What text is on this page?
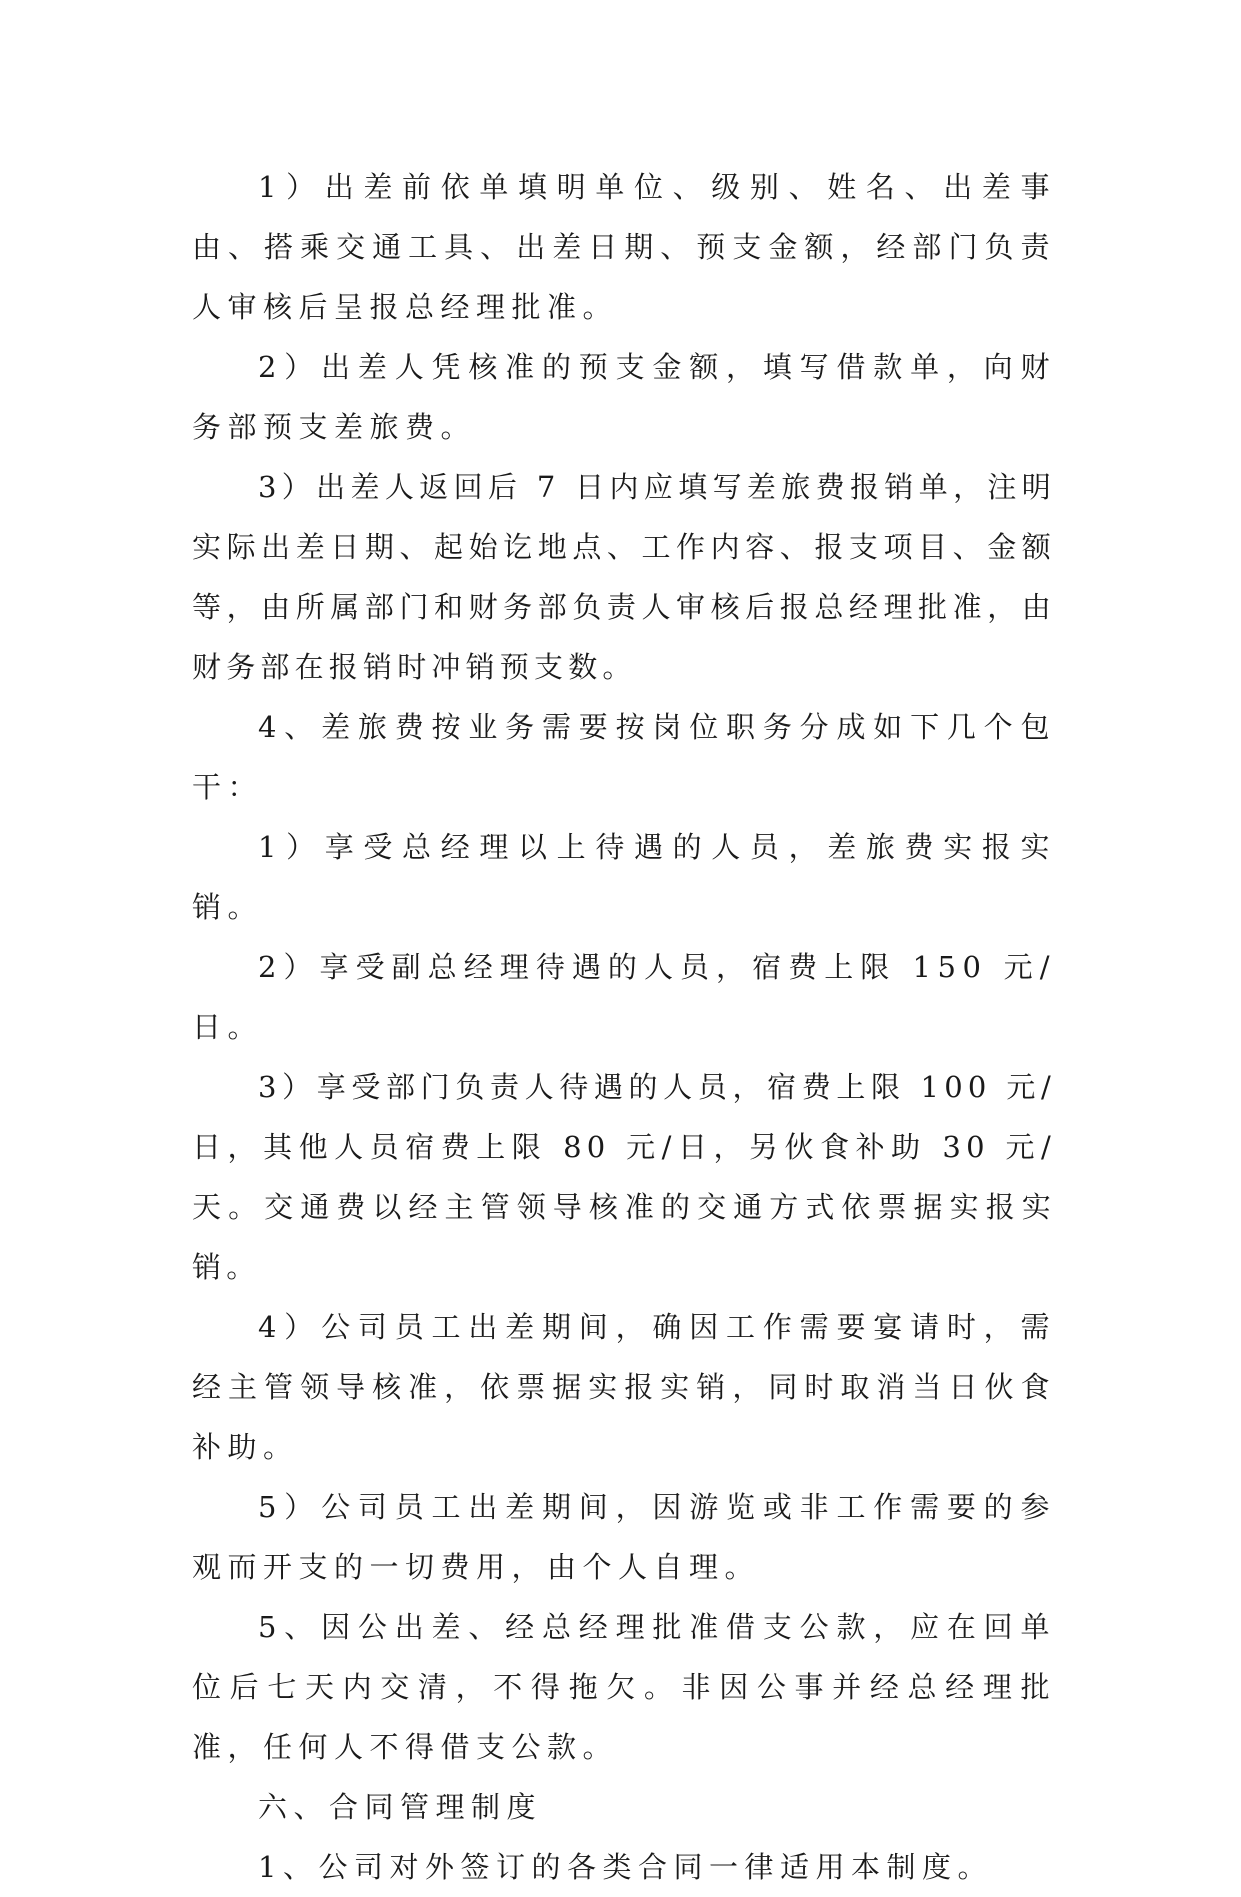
1）出差前依单填明单位、级别、姓名、出差事由、搭乘交通工具、出差日期、预支金额，经部门负责人审核后呈报总经理批准。

2）出差人凭核准的预支金额，填写借款单，向财务部预支差旅费。

3）出差人返回后 7 日内应填写差旅费报销单，注明实际出差日期、起始讫地点、工作内容、报支项目、金额等，由所属部门和财务部负责人审核后报总经理批准，由财务部在报销时冲销预支数。

4、差旅费按业务需要按岗位职务分成如下几个包干：

1）享受总经理以上待遇的人员，差旅费实报实销。

2）享受副总经理待遇的人员，宿费上限 150 元/日。

3）享受部门负责人待遇的人员，宿费上限 100 元/日，其他人员宿费上限 80 元/日，另伙食补助 30 元/天。交通费以经主管领导核准的交通方式依票据实报实销。

4）公司员工出差期间，确因工作需要宴请时，需经主管领导核准，依票据实报实销，同时取消当日伙食补助。

5）公司员工出差期间，因游览或非工作需要的参观而开支的一切费用，由个人自理。

5、因公出差、经总经理批准借支公款，应在回单位后七天内交清，不得拖欠。非因公事并经总经理批准，任何人不得借支公款。

六、合同管理制度

1、公司对外签订的各类合同一律适用本制度。
